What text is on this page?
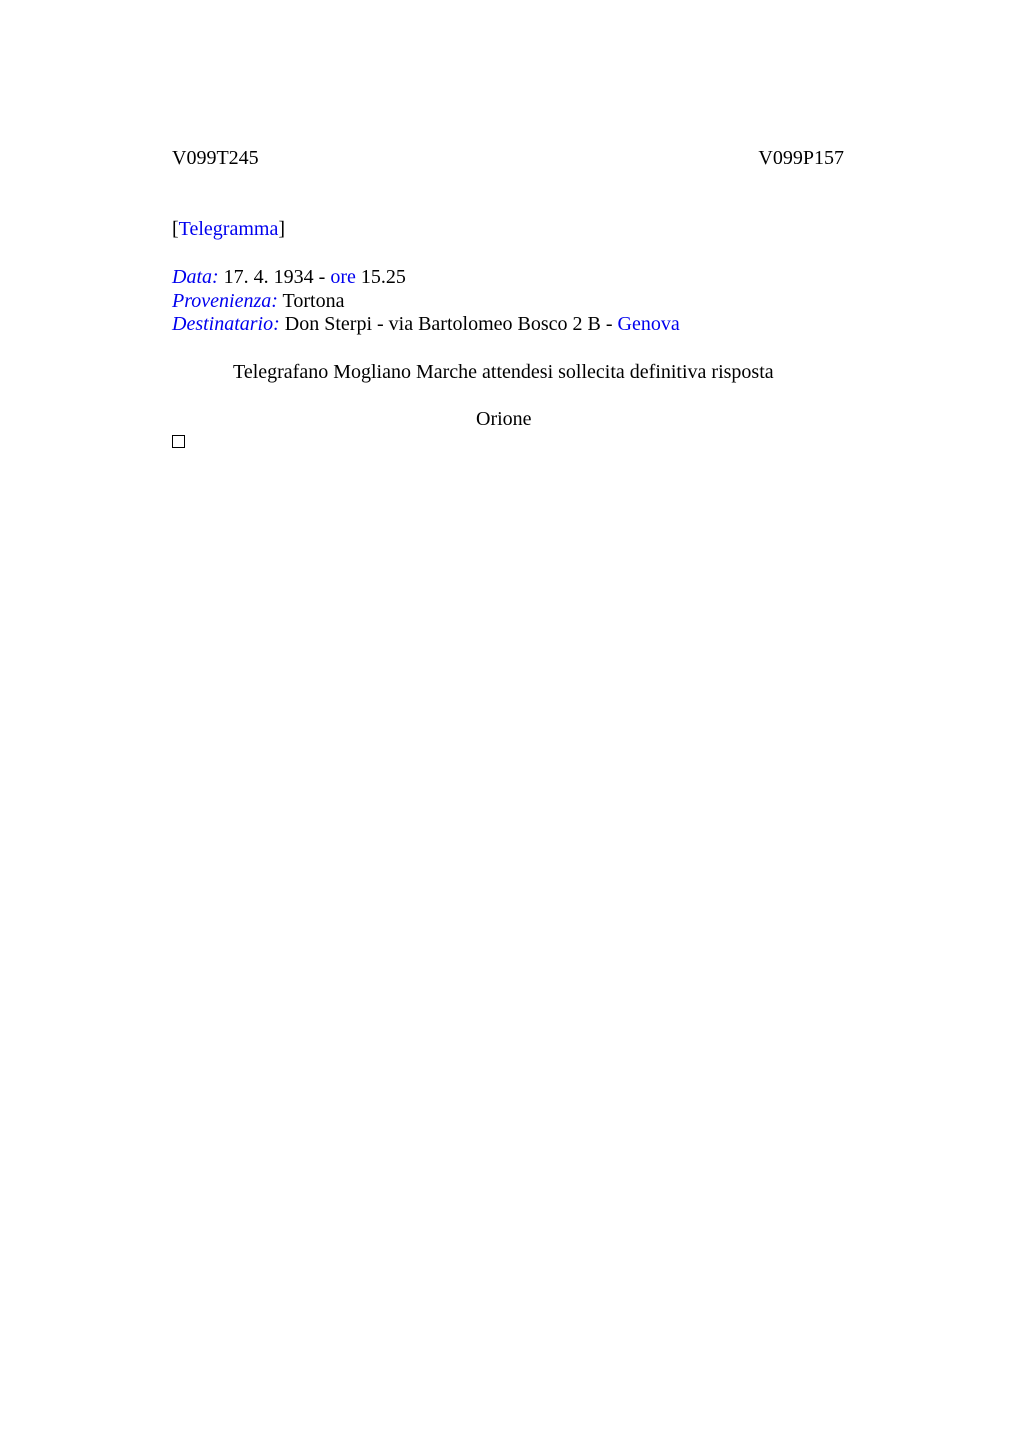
V099T245	V099P157
[Telegramma]
Data: 17. 4. 1934 - ore 15.25
Provenienza: Tortona
Destinatario: Don Sterpi - via Bartolomeo Bosco 2 B - Genova
Telegrafano Mogliano Marche attendesi sollecita definitiva risposta
Orione
